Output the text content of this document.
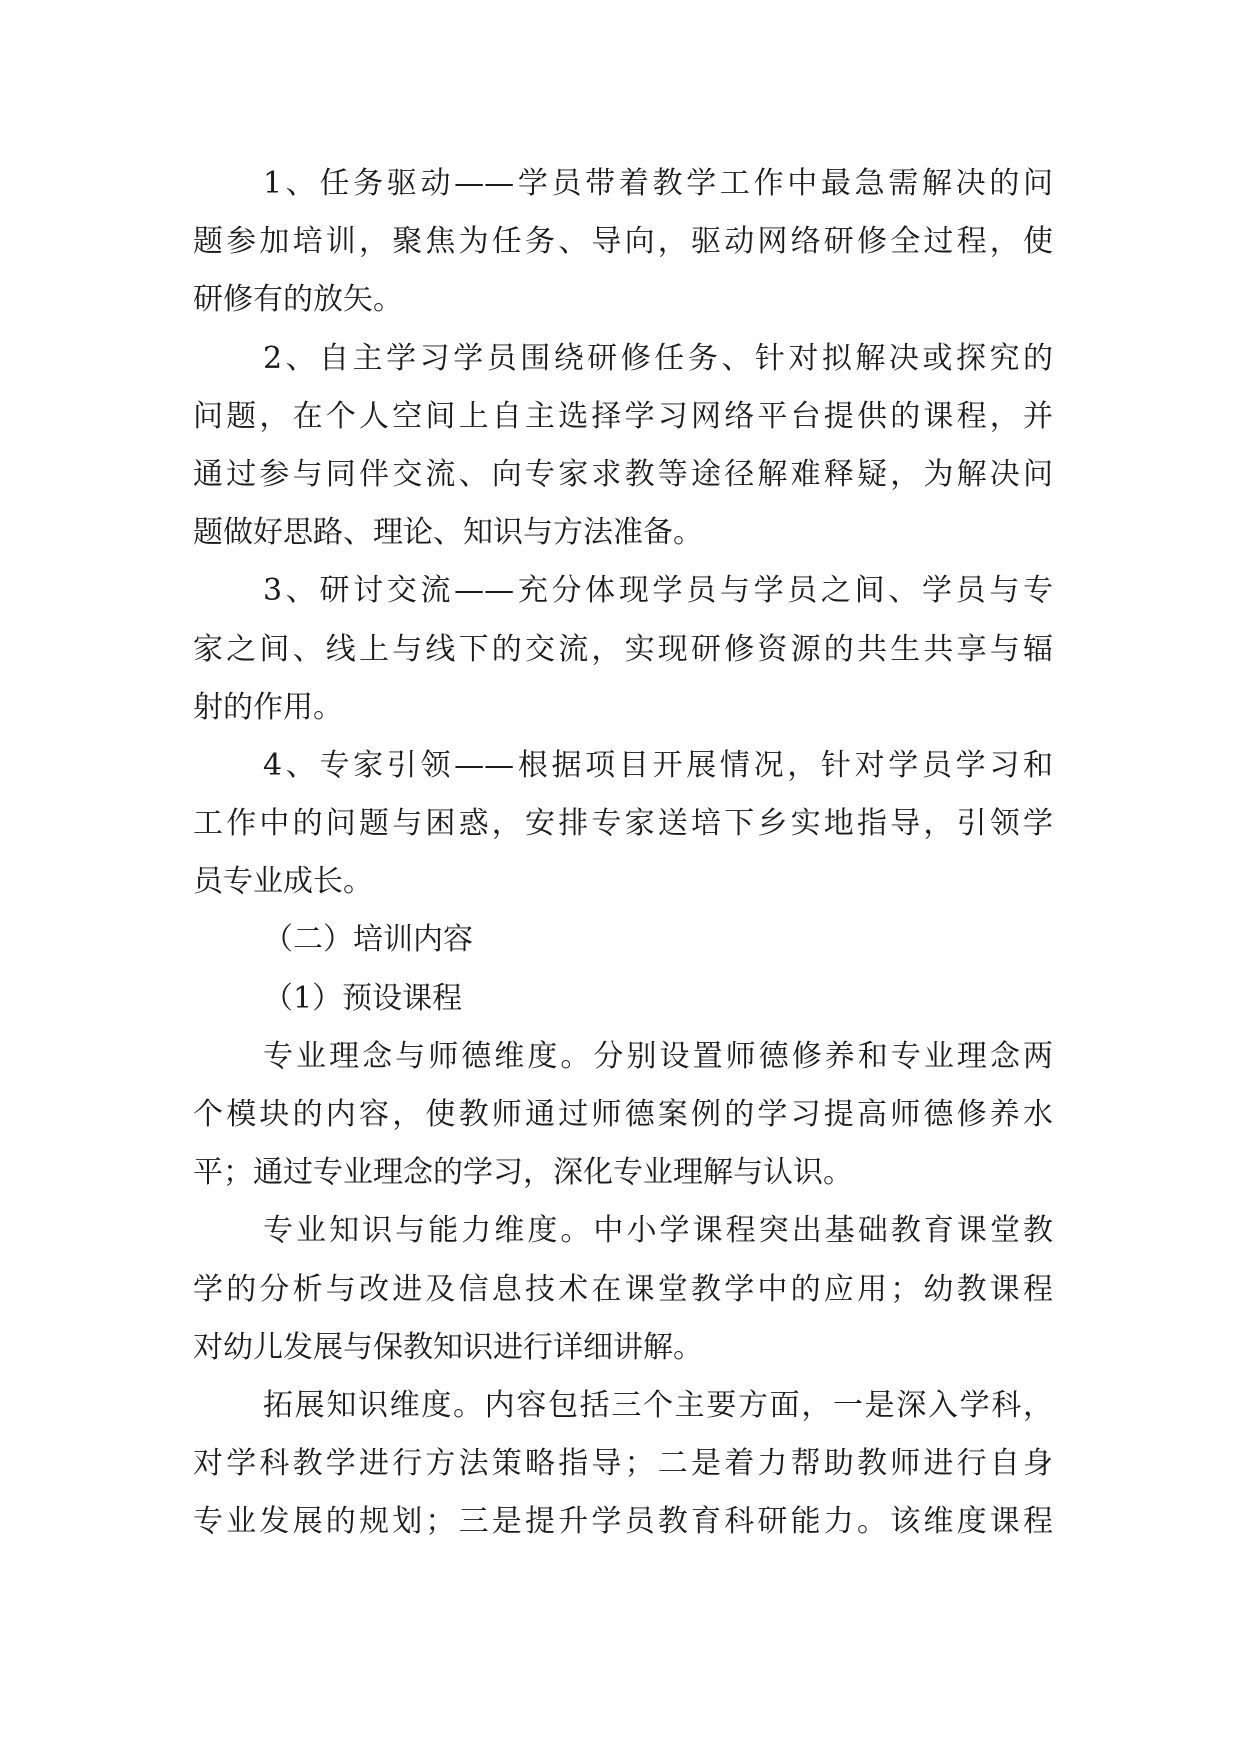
1、任务驱动——学员带着教学工作中最急需解决的问
题参加培训，聚焦为任务、导向，驱动网络研修全过程，使
研修有的放矢。
2、自主学习学员围绕研修任务、针对拟解决或探究的
问题，在个人空间上自主选择学习网络平台提供的课程，并
通过参与同伴交流、向专家求教等途径解难释疑，为解决问
题做好思路、理论、知识与方法准备。
3、研讨交流——充分体现学员与学员之间、学员与专
家之间、线上与线下的交流，实现研修资源的共生共享与辐
射的作用。
4、专家引领——根据项目开展情况，针对学员学习和
工作中的问题与困惑，安排专家送培下乡实地指导，引领学
员专业成长。
（二）培训内容
（1）预设课程
专业理念与师德维度。分别设置师德修养和专业理念两
个模块的内容，使教师通过师德案例的学习提高师德修养水
平；通过专业理念的学习，深化专业理解与认识。
专业知识与能力维度。中小学课程突出基础教育课堂教
学的分析与改进及信息技术在课堂教学中的应用；幼教课程
对幼儿发展与保教知识进行详细讲解。
拓展知识维度。内容包括三个主要方面，一是深入学科，
对学科教学进行方法策略指导；二是着力帮助教师进行自身
专业发展的规划；三是提升学员教育科研能力。该维度课程
